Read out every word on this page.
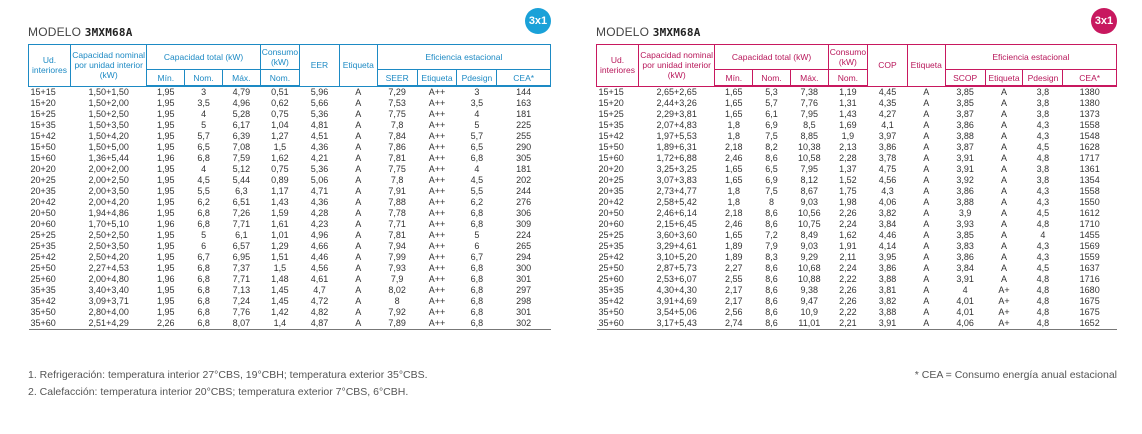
MODELO 3MXM68A
3x1
Ud. interiores	Capacidad nominal por unidad interior (kW)	Capacidad total (kW)			Consumo (kW)	EER	Etiqueta	Eficiencia estacional			
		Mín.	Nom.	Máx.	Nom.			SEER	Etiqueta	Pdesign	CEA*
15+15	1,50+1,50	1,95	3	4,79	0,51	5,96	A	7,29	A++	3	144
15+20	1,50+2,00	1,95	3,5	4,96	0,62	5,66	A	7,53	A++	3,5	163
15+25	1,50+2,50	1,95	4	5,28	0,75	5,36	A	7,75	A++	4	181
15+35	1,50+3,50	1,95	5	6,17	1,04	4,81	A	7,8	A++	5	225
15+42	1,50+4,20	1,95	5,7	6,39	1,27	4,51	A	7,84	A++	5,7	255
15+50	1,50+5,00	1,95	6,5	7,08	1,5	4,36	A	7,86	A++	6,5	290
15+60	1,36+5,44	1,96	6,8	7,59	1,62	4,21	A	7,81	A++	6,8	305
20+20	2,00+2,00	1,95	4	5,12	0,75	5,36	A	7,75	A++	4	181
20+25	2,00+2,50	1,95	4,5	5,44	0,89	5,06	A	7,8	A++	4,5	202
20+35	2,00+3,50	1,95	5,5	6,3	1,17	4,71	A	7,91	A++	5,5	244
20+42	2,00+4,20	1,95	6,2	6,51	1,43	4,36	A	7,88	A++	6,2	276
20+50	1,94+4,86	1,95	6,8	7,26	1,59	4,28	A	7,78	A++	6,8	306
20+60	1,70+5,10	1,96	6,8	7,71	1,61	4,23	A	7,71	A++	6,8	309
25+25	2,50+2,50	1,95	5	6,1	1,01	4,96	A	7,81	A++	5	224
25+35	2,50+3,50	1,95	6	6,57	1,29	4,66	A	7,94	A++	6	265
25+42	2,50+4,20	1,95	6,7	6,95	1,51	4,46	A	7,99	A++	6,7	294
25+50	2,27+4,53	1,95	6,8	7,37	1,5	4,56	A	7,93	A++	6,8	300
25+60	2,00+4,80	1,96	6,8	7,71	1,48	4,61	A	7,9	A++	6,8	301
35+35	3,40+3,40	1,95	6,8	7,13	1,45	4,7	A	8,02	A++	6,8	297
35+42	3,09+3,71	1,95	6,8	7,24	1,45	4,72	A	8	A++	6,8	298
35+50	2,80+4,00	1,95	6,8	7,76	1,42	4,82	A	7,92	A++	6,8	301
35+60	2,51+4,29	2,26	6,8	8,07	1,4	4,87	A	7,89	A++	6,8	302
1. Refrigeración: temperatura interior 27°CBS, 19°CBH; temperatura exterior 35°CBS.
2. Calefacción: temperatura interior 20°CBS; temperatura exterior 7°CBS, 6°CBH.
MODELO 3MXM68A
3x1
Ud. interiores	Capacidad nominal por unidad interior (kW)	Capacidad total (kW)			Consumo (kW)	COP	Etiqueta	Eficiencia estacional			
		Mín.	Nom.	Máx.	Nom.			SCOP	Etiqueta	Pdesign	CEA*
15+15	2,65+2,65	1,65	5,3	7,38	1,19	4,45	A	3,85	A	3,8	1380
15+20	2,44+3,26	1,65	5,7	7,76	1,31	4,35	A	3,85	A	3,8	1380
15+25	2,29+3,81	1,65	6,1	7,95	1,43	4,27	A	3,87	A	3,8	1373
15+35	2,07+4,83	1,8	6,9	8,5	1,69	4,1	A	3,86	A	4,3	1558
15+42	1,97+5,53	1,8	7,5	8,85	1,9	3,97	A	3,88	A	4,3	1548
15+50	1,89+6,31	2,18	8,2	10,38	2,13	3,86	A	3,87	A	4,5	1628
15+60	1,72+6,88	2,46	8,6	10,58	2,28	3,78	A	3,91	A	4,8	1717
20+20	3,25+3,25	1,65	6,5	7,95	1,37	4,75	A	3,91	A	3,8	1361
20+25	3,07+3,83	1,65	6,9	8,12	1,52	4,56	A	3,92	A	3,8	1354
20+35	2,73+4,77	1,8	7,5	8,67	1,75	4,3	A	3,86	A	4,3	1558
20+42	2,58+5,42	1,8	8	9,03	1,98	4,06	A	3,88	A	4,3	1550
20+50	2,46+6,14	2,18	8,6	10,56	2,26	3,82	A	3,9	A	4,5	1612
20+60	2,15+6,45	2,46	8,6	10,75	2,24	3,84	A	3,93	A	4,8	1710
25+25	3,60+3,60	1,65	7,2	8,49	1,62	4,46	A	3,85	A	4	1455
25+35	3,29+4,61	1,89	7,9	9,03	1,91	4,14	A	3,83	A	4,3	1569
25+42	3,10+5,20	1,89	8,3	9,29	2,11	3,95	A	3,86	A	4,3	1559
25+50	2,87+5,73	2,27	8,6	10,68	2,24	3,86	A	3,84	A	4,5	1637
25+60	2,53+6,07	2,55	8,6	10,88	2,22	3,88	A	3,91	A	4,8	1716
35+35	4,30+4,30	2,17	8,6	9,38	2,26	3,81	A	4	A+	4,8	1680
35+42	3,91+4,69	2,17	8,6	9,47	2,26	3,82	A	4,01	A+	4,8	1675
35+50	3,54+5,06	2,56	8,6	10,9	2,22	3,88	A	4,01	A+	4,8	1675
35+60	3,17+5,43	2,74	8,6	11,01	2,21	3,91	A	4,06	A+	4,8	1652
* CEA = Consumo energía anual estacional
